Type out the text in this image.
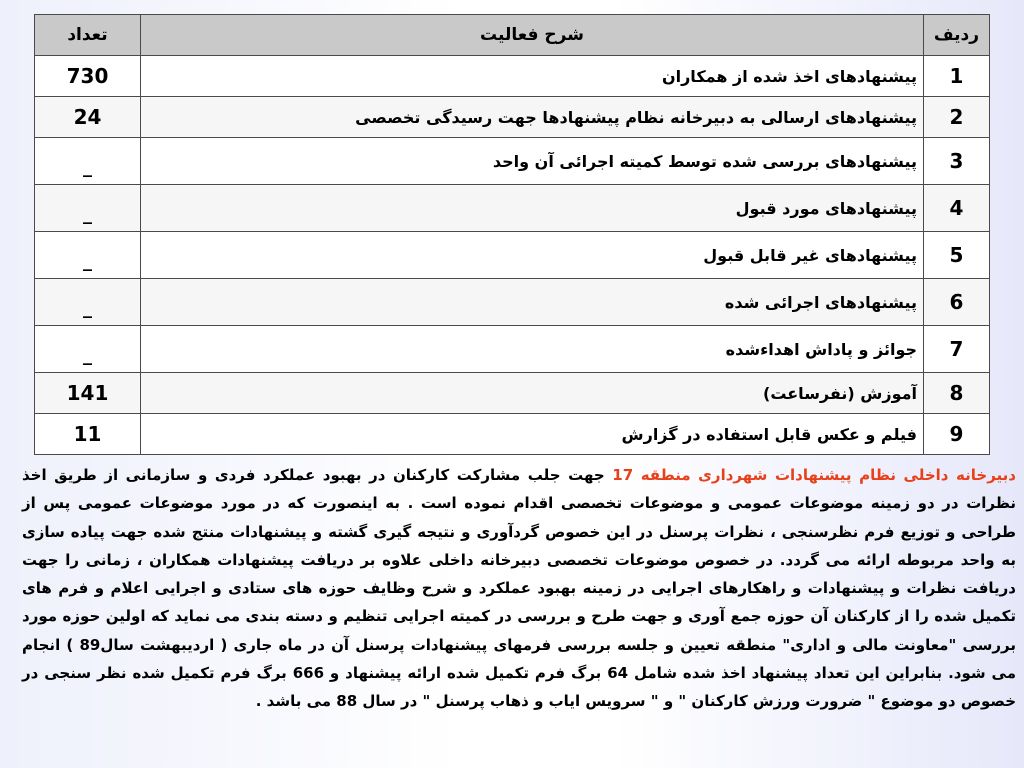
ردیف	شرح فعالیت	تعداد
1	پیشنهادهای اخذ شده از همکاران	730
2	پیشنهادهای ارسالی به دبیرخانه نظام پیشنهادها جهت رسیدگی تخصصی	24
3	پیشنهادهای بررسی شده توسط کمیته اجرائی آن واحد	_
4	پیشنهادهای مورد قبول	_
5	پیشنهادهای غیر قابل قبول	_
6	پیشنهادهای اجرائی شده	_
7	جوائز و پاداش اهداءشده	_
8	آموزش (نفرساعت)	141
9	فیلم و عکس قابل استفاده در گزارش	11

دبیرخانه داخلی نظام پیشنهادات شهرداری منطقه 17 جهت جلب مشارکت کارکنان در بهبود عملکرد فردی و سازمانی از طریق اخذ نظرات در دو زمینه موضوعات عمومی و موضوعات تخصصی اقدام نموده است . به اینصورت که در مورد موضوعات عمومی پس از طراحی و توزیع فرم نظرسنجی ، نظرات پرسنل در این خصوص گردآوری و نتیجه گیری گشته و پیشنهادات منتج شده جهت پیاده سازی به واحد مربوطه ارائه می گردد. در خصوص موضوعات تخصصی دبیرخانه داخلی علاوه بر دریافت پیشنهادات همکاران ، زمانی را جهت دریافت نظرات و پیشنهادات و راهکارهای اجرایی در زمینه بهبود عملکرد و شرح وظایف حوزه های ستادی و اجرایی اعلام و فرم های تکمیل شده را از کارکنان آن حوزه جمع آوری و جهت طرح و بررسی در کمیته اجرایی تنظیم و دسته بندی می نماید که اولین حوزه مورد بررسی "معاونت مالی و اداری" منطقه تعیین و جلسه بررسی فرمهای پیشنهادات پرسنل آن در ماه جاری ( اردیبهشت سال89 ) انجام می شود. بنابراین این تعداد پیشنهاد اخذ شده شامل 64 برگ فرم تکمیل شده ارائه پیشنهاد و 666 برگ فرم تکمیل شده نظر سنجی در خصوص دو موضوع " ضرورت ورزش کارکنان " و " سرویس ایاب و ذهاب پرسنل " در سال 88 می باشد .
